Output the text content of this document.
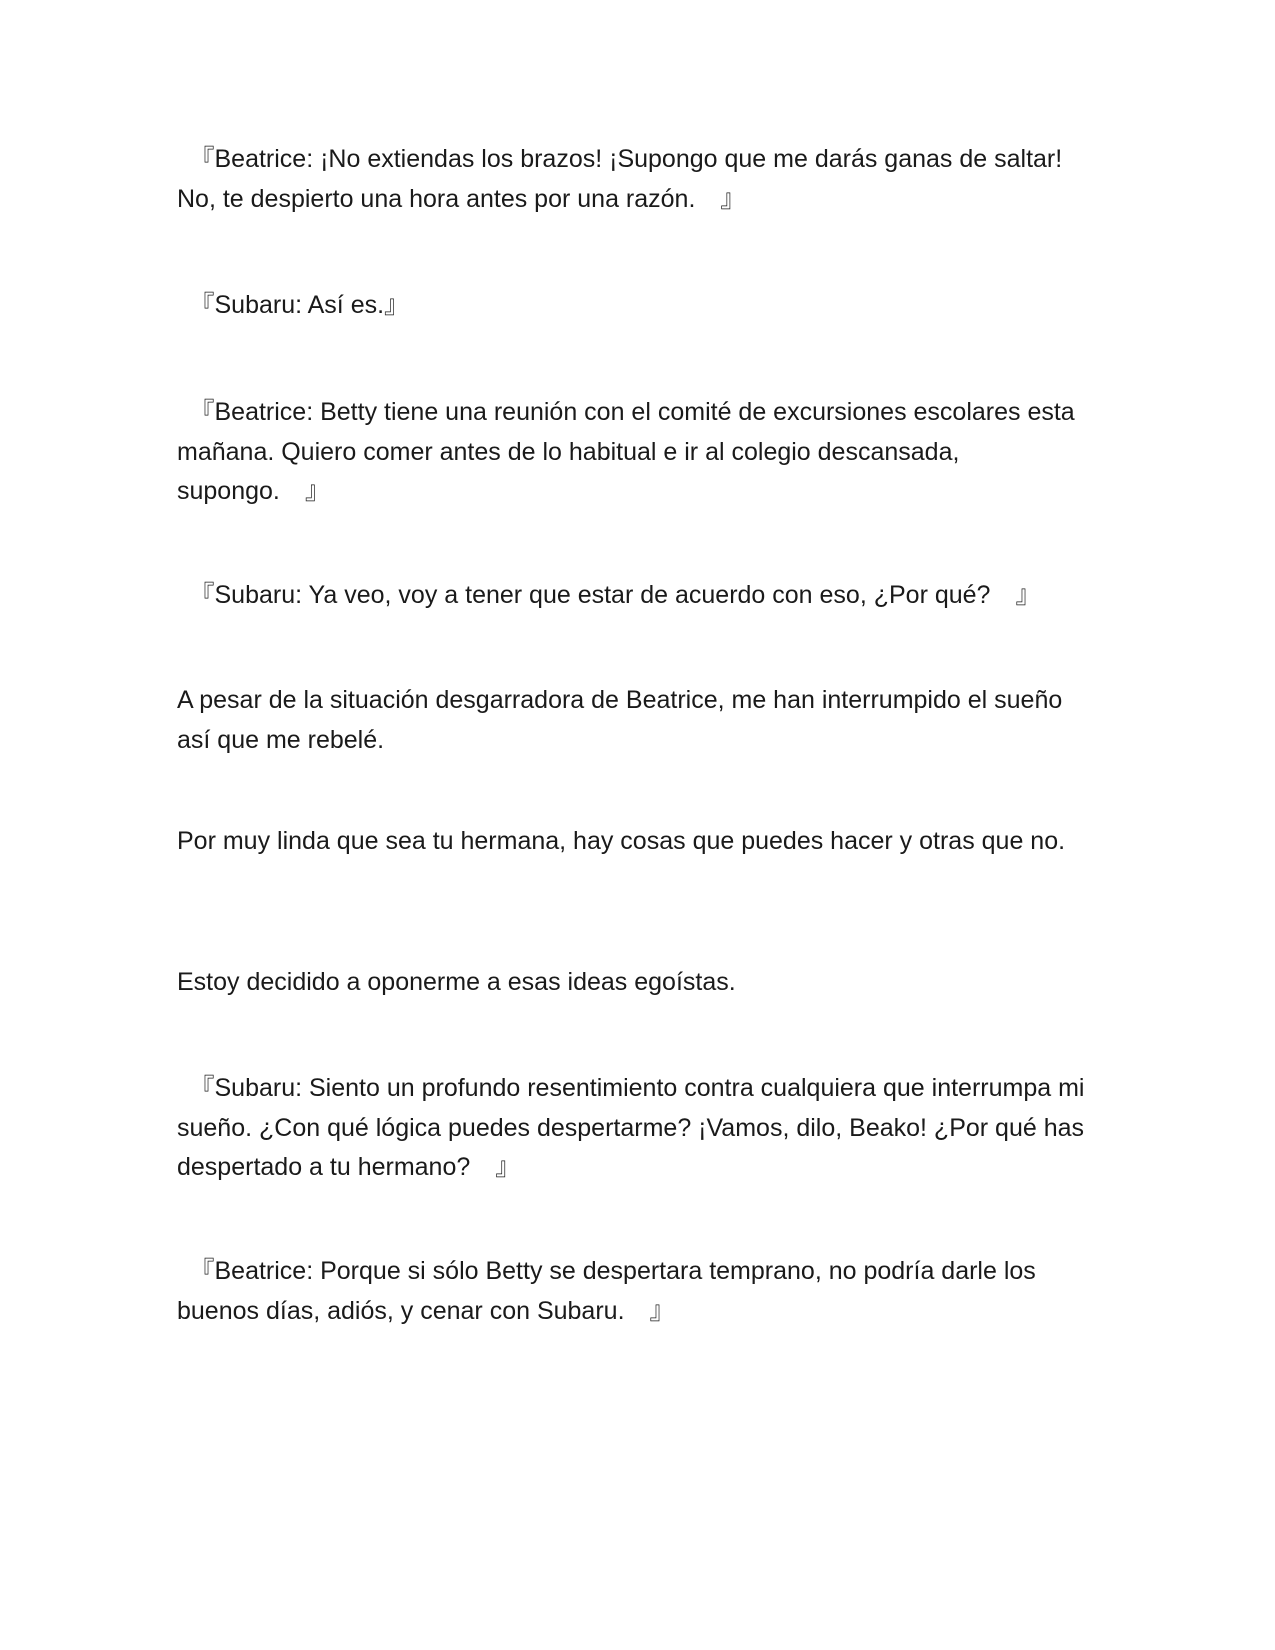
　『Beatrice: ¡No extiendas los brazos! ¡Supongo que me darás ganas de saltar! No, te despierto una hora antes por una razón.　』

　『Subaru: Así es.』

　『Beatrice: Betty tiene una reunión con el comité de excursiones escolares esta mañana. Quiero comer antes de lo habitual e ir al colegio descansada, supongo.　』

　『Subaru: Ya veo, voy a tener que estar de acuerdo con eso, ¿Por qué?　』

A pesar de la situación desgarradora de Beatrice, me han interrumpido el sueño así que me rebelé.

Por muy linda que sea tu hermana, hay cosas que puedes hacer y otras que no.

Estoy decidido a oponerme a esas ideas egoístas.

　『Subaru: Siento un profundo resentimiento contra cualquiera que interrumpa mi sueño. ¿Con qué lógica puedes despertarme? ¡Vamos, dilo, Beako! ¿Por qué has despertado a tu hermano?　』

　『Beatrice: Porque si sólo Betty se despertara temprano, no podría darle los buenos días, adiós, y cenar con Subaru.　』
